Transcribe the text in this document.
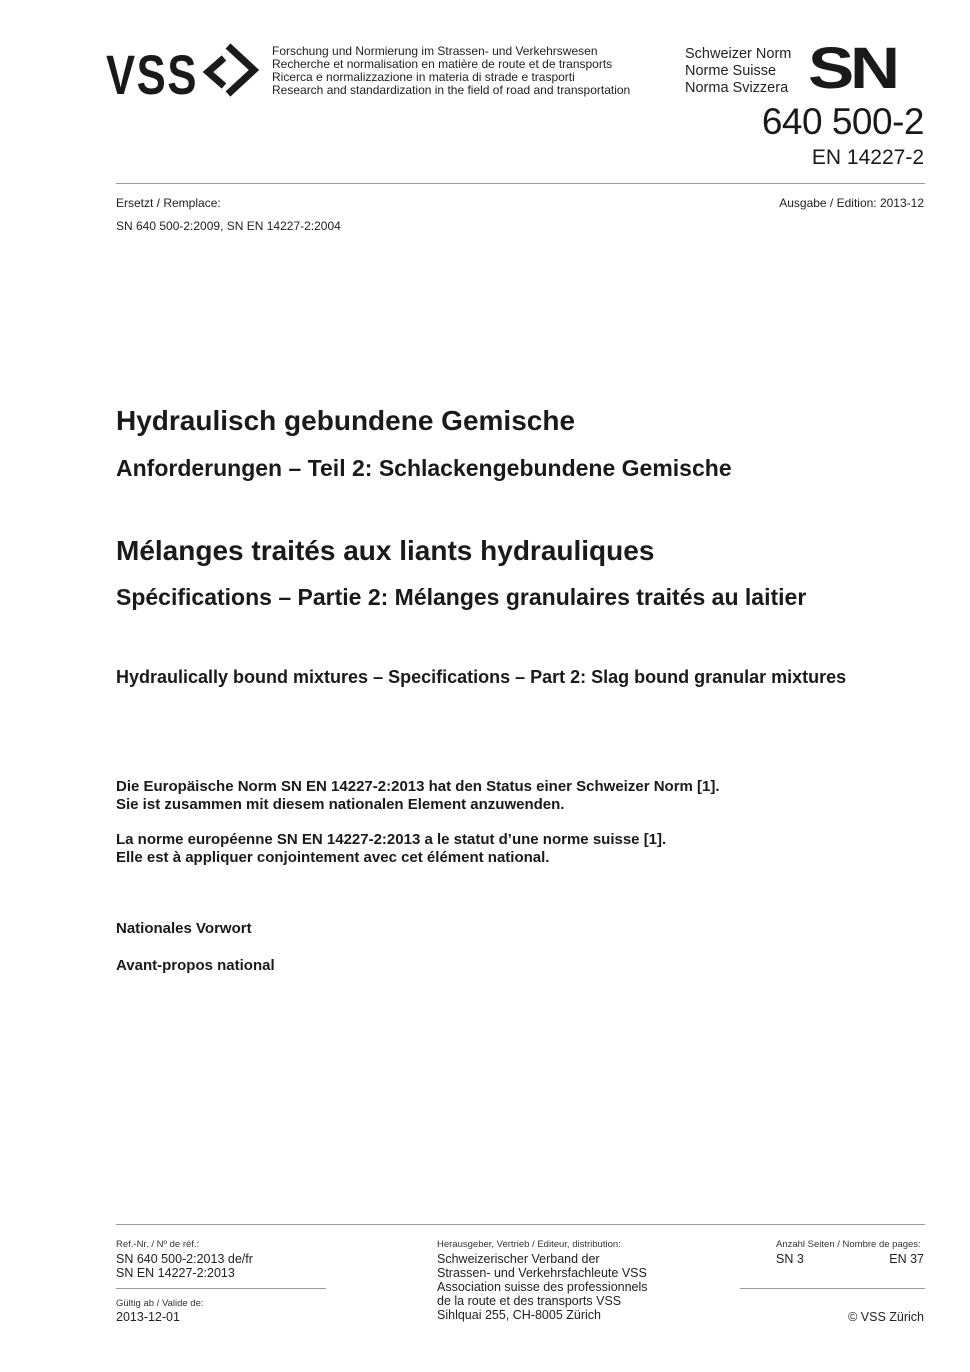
VSS	Forschung und Normierung im Strassen- und Verkehrswesen
Recherche et normalisation en matière de route et de transports
Ricerca e normalizzazione in materia di strade e trasporti
Research and standardization in the field of road and transportation
Schweizer Norm
Norme Suisse
Norma Svizzera SN
640 500-2
EN 14227-2
Ersetzt / Remplace:	Ausgabe / Edition: 2013-12
SN 640 500-2:2009, SN EN 14227-2:2004
Hydraulisch gebundene Gemische
Anforderungen – Teil 2: Schlackengebundene Gemische
Mélanges traités aux liants hydrauliques
Spécifications – Partie 2: Mélanges granulaires traités au laitier
Hydraulically bound mixtures – Specifications – Part 2: Slag bound granular mixtures
Die Europäische Norm SN EN 14227-2:2013 hat den Status einer Schweizer Norm [1].
Sie ist zusammen mit diesem nationalen Element anzuwenden.
La norme européenne SN EN 14227-2:2013 a le statut d’une norme suisse [1].
Elle est à appliquer conjointement avec cet élément national.
Nationales Vorwort
Avant-propos national
Ref.-Nr. / Nº de réf.:
SN 640 500-2:2013 de/fr
SN EN 14227-2:2013
Gültig ab / Valide de:
2013-12-01
Herausgeber, Vertrieb / Editeur, distribution:
Schweizerischer Verband der
Strassen- und Verkehrsfachleute VSS
Association suisse des professionnels
de la route et des transports VSS
Sihlquai 255, CH-8005 Zürich
Anzahl Seiten / Nombre de pages:
SN 3	EN 37
© VSS Zürich
